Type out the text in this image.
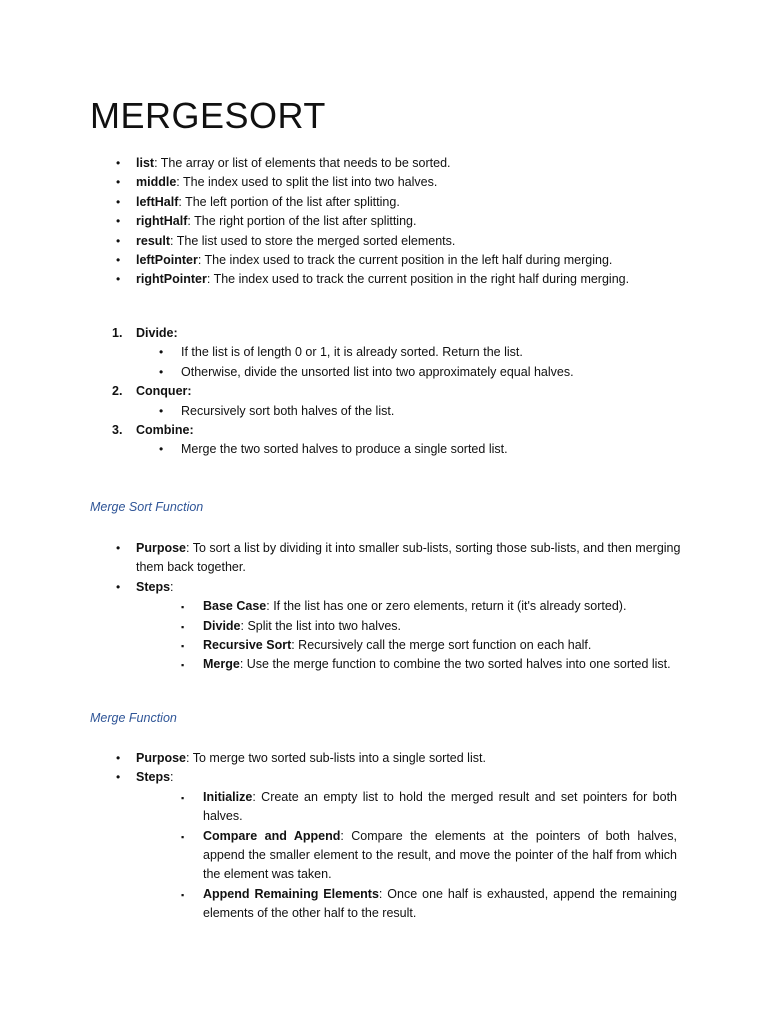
MERGESORT
• list: The array or list of elements that needs to be sorted.
• middle: The index used to split the list into two halves.
• leftHalf: The left portion of the list after splitting.
• rightHalf: The right portion of the list after splitting.
• result: The list used to store the merged sorted elements.
• leftPointer: The index used to track the current position in the left half during merging.
• rightPointer: The index used to track the current position in the right half during merging.
1. Divide:
• If the list is of length 0 or 1, it is already sorted. Return the list.
• Otherwise, divide the unsorted list into two approximately equal halves.
2. Conquer:
• Recursively sort both halves of the list.
3. Combine:
• Merge the two sorted halves to produce a single sorted list.
Merge Sort Function
• Purpose: To sort a list by dividing it into smaller sub-lists, sorting those sub-lists, and then merging them back together.
• Steps:
▪ Base Case: If the list has one or zero elements, return it (it's already sorted).
▪ Divide: Split the list into two halves.
▪ Recursive Sort: Recursively call the merge sort function on each half.
▪ Merge: Use the merge function to combine the two sorted halves into one sorted list.
Merge Function
• Purpose: To merge two sorted sub-lists into a single sorted list.
• Steps:
▪ Initialize: Create an empty list to hold the merged result and set pointers for both halves.
▪ Compare and Append: Compare the elements at the pointers of both halves, append the smaller element to the result, and move the pointer of the half from which the element was taken.
▪ Append Remaining Elements: Once one half is exhausted, append the remaining elements of the other half to the result.
